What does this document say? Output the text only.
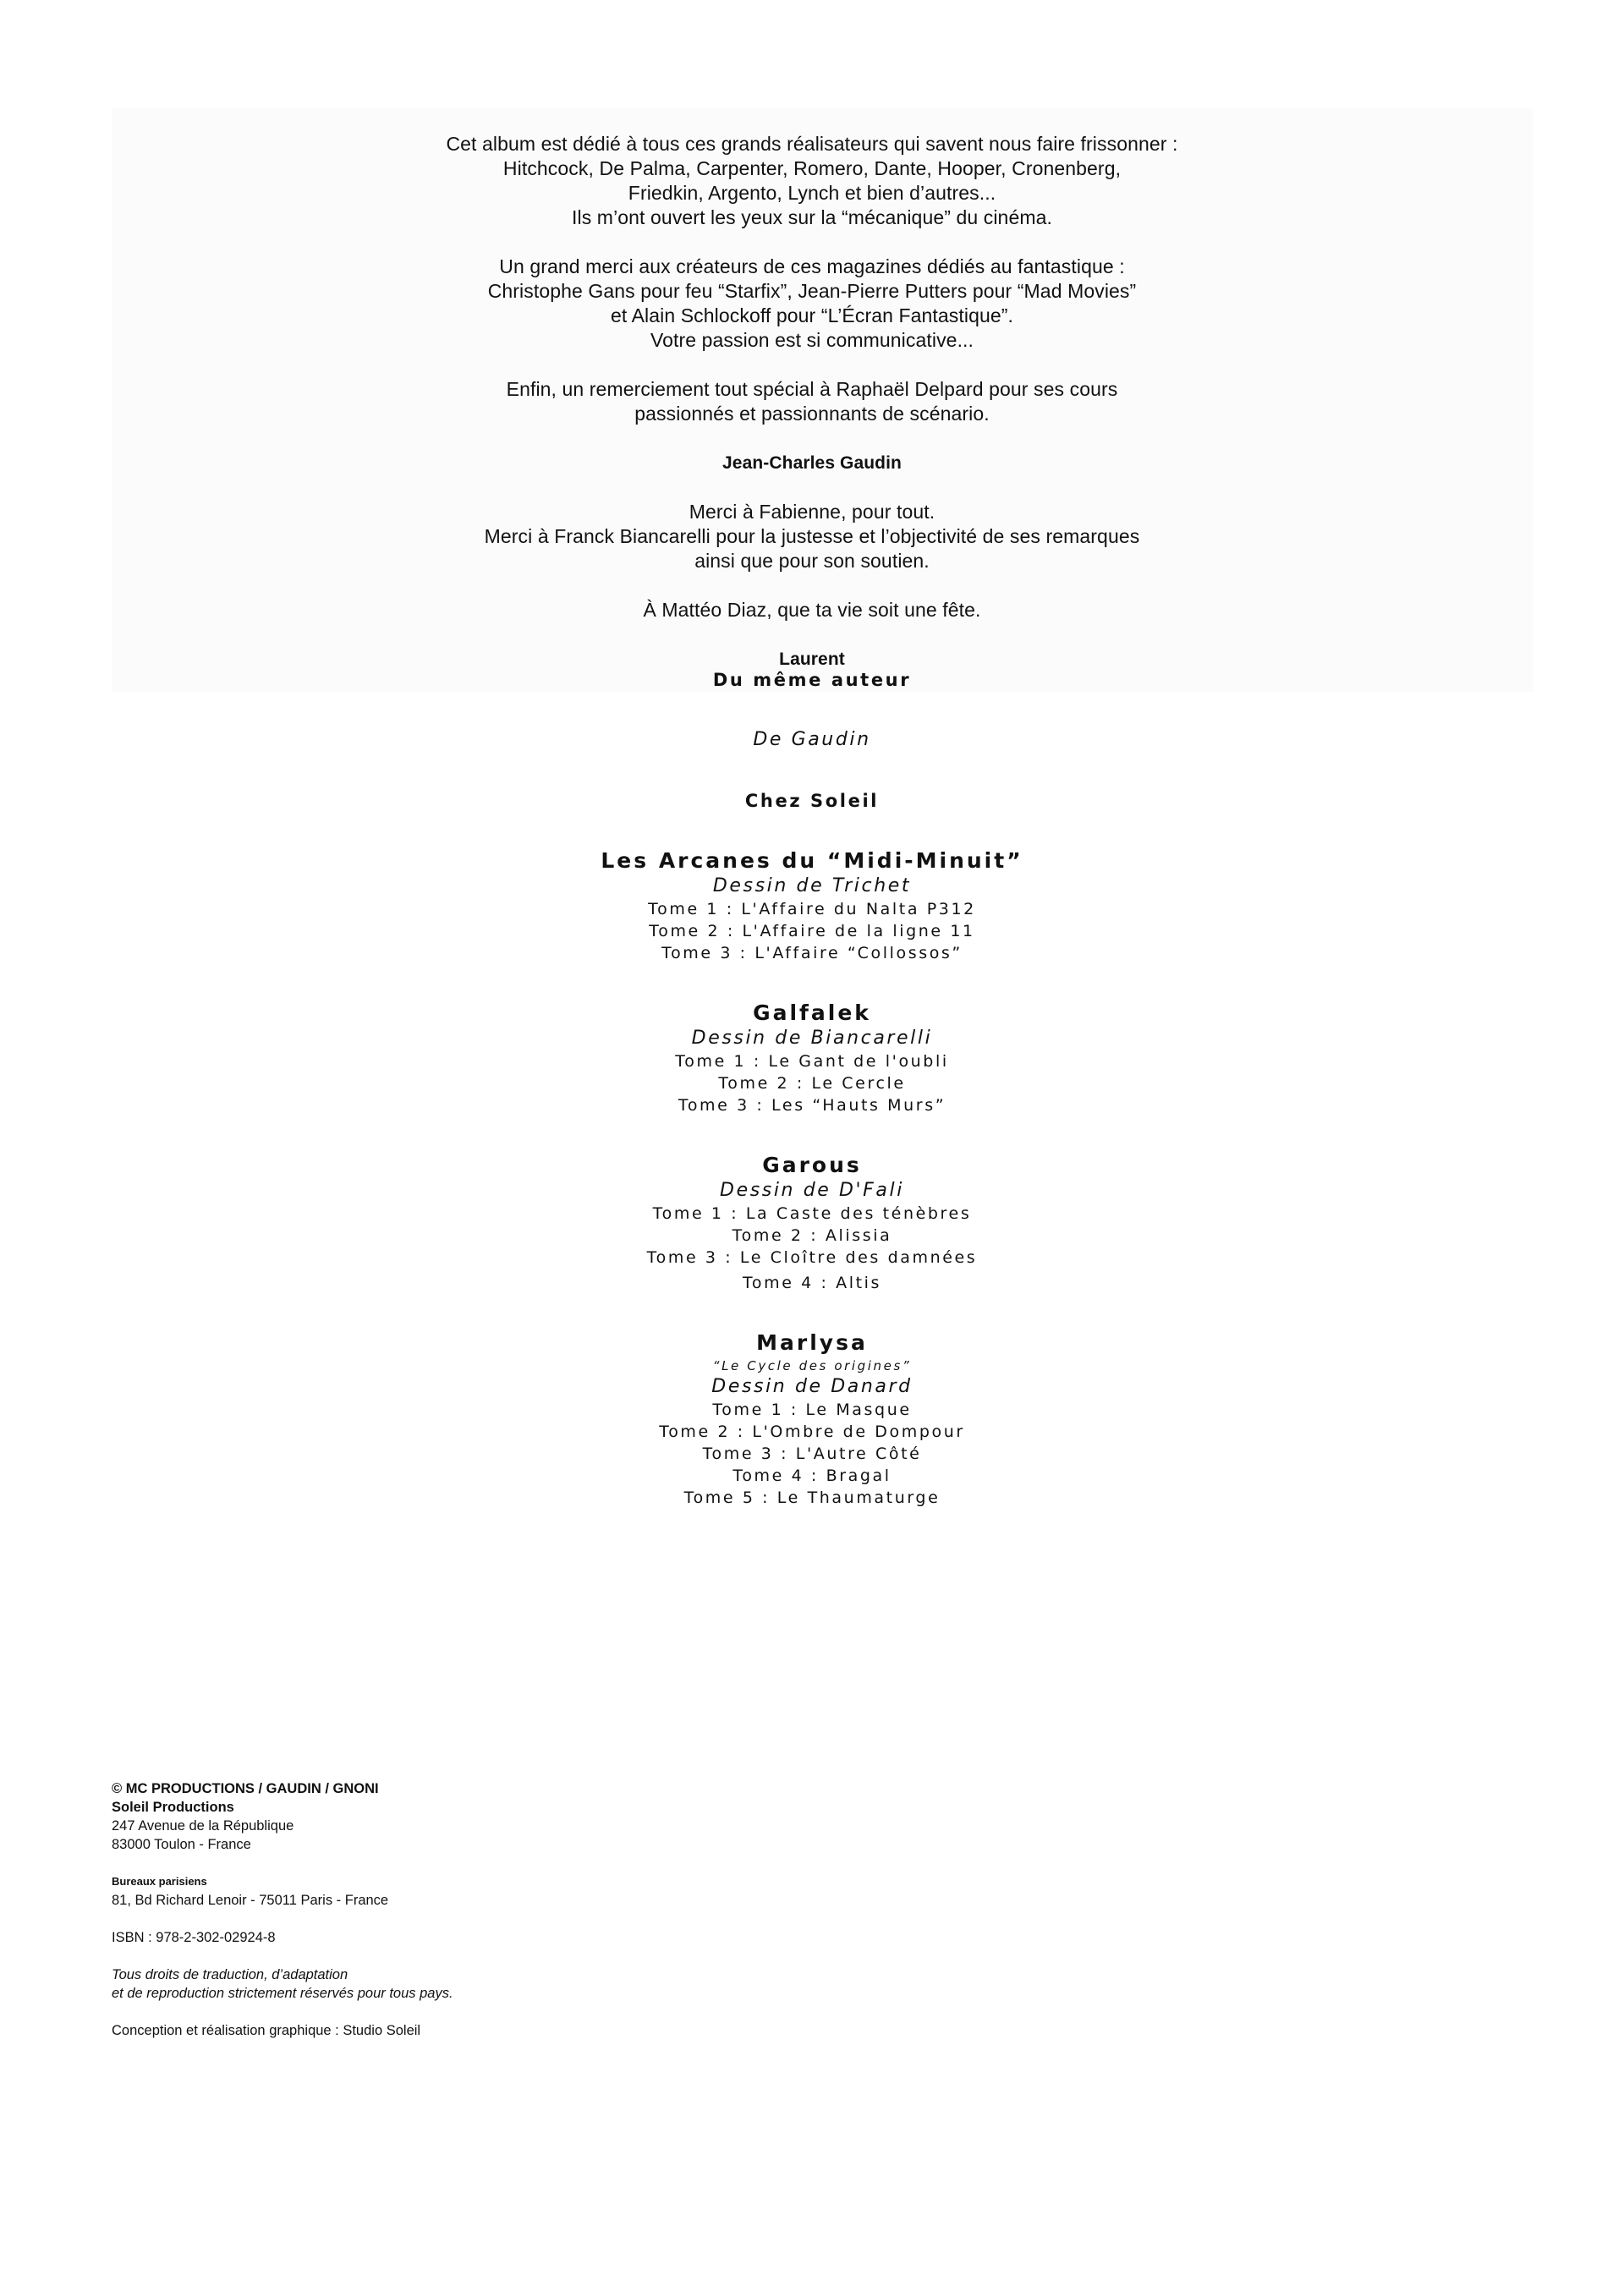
Cet album est dédié à tous ces grands réalisateurs qui savent nous faire frissonner :

Hitchcock, De Palma, Carpenter, Romero, Dante, Hooper, Cronenberg,

Friedkin, Argento, Lynch et bien d’autres...

Ils m’ont ouvert les yeux sur la “mécanique” du cinéma.

Un grand merci aux créateurs de ces magazines dédiés au fantastique :

Christophe Gans pour feu “Starfix”, Jean-Pierre Putters pour “Mad Movies”

et Alain Schlockoff pour “L’Écran Fantastique”.

Votre passion est si communicative...

Enfin, un remerciement tout spécial à Raphaël Delpard pour ses cours

passionnés et passionnants de scénario.

Jean-Charles Gaudin

Merci à Fabienne, pour tout.

Merci à Franck Biancarelli pour la justesse et l’objectivité de ses remarques

ainsi que pour son soutien.

À Mattéo Diaz, que ta vie soit une fête.

Laurent

Du même auteur
De Gaudin
Chez Soleil
Les Arcanes du “Midi-Minuit”
Dessin de Trichet

Tome 1 : L'Affaire du Nalta P312

Tome 2 : L'Affaire de la ligne 11

Tome 3 : L'Affaire “Collossos”

Galfalek
Dessin de Biancarelli

Tome 1 : Le Gant de l'oubli

Tome 2 : Le Cercle

Tome 3 : Les “Hauts Murs”

Garous
Dessin de D'Fali

Tome 1 : La Caste des ténèbres

Tome 2 : Alissia

Tome 3 : Le Cloître des damnées

Tome 4 : Altis

Marlysa
“Le Cycle des origines”
Dessin de Danard

Tome 1 : Le Masque

Tome 2 : L'Ombre de Dompour

Tome 3 : L'Autre Côté

Tome 4 : Bragal

Tome 5 : Le Thaumaturge

© MC PRODUCTIONS / GAUDIN / GNONI

Soleil Productions

247 Avenue de la République

83000 Toulon - France

Bureaux parisiens

81, Bd Richard Lenoir - 75011 Paris - France

ISBN : 978-2-302-02924-8

Tous droits de traduction, d’adaptation

et de reproduction strictement réservés pour tous pays.

Conception et réalisation graphique : Studio Soleil
